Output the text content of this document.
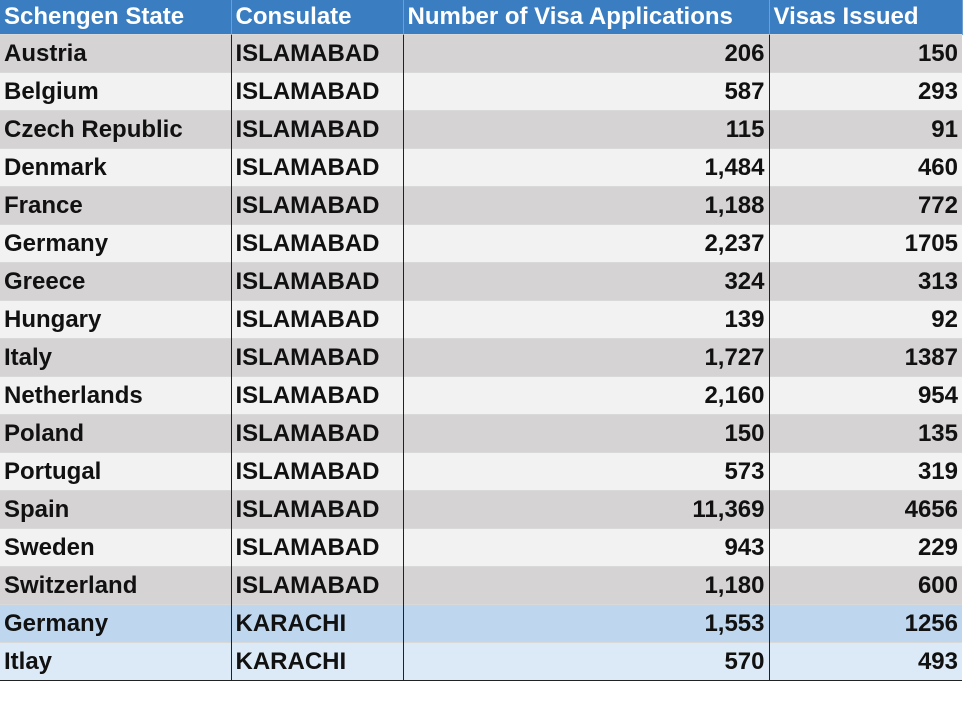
Schengen State	Consulate	Number of Visa Applications	Visas Issued
Austria	ISLAMABAD	206	150
Belgium	ISLAMABAD	587	293
Czech Republic	ISLAMABAD	115	91
Denmark	ISLAMABAD	1,484	460
France	ISLAMABAD	1,188	772
Germany	ISLAMABAD	2,237	1705
Greece	ISLAMABAD	324	313
Hungary	ISLAMABAD	139	92
Italy	ISLAMABAD	1,727	1387
Netherlands	ISLAMABAD	2,160	954
Poland	ISLAMABAD	150	135
Portugal	ISLAMABAD	573	319
Spain	ISLAMABAD	11,369	4656
Sweden	ISLAMABAD	943	229
Switzerland	ISLAMABAD	1,180	600
Germany	KARACHI	1,553	1256
Itlay	KARACHI	570	493
